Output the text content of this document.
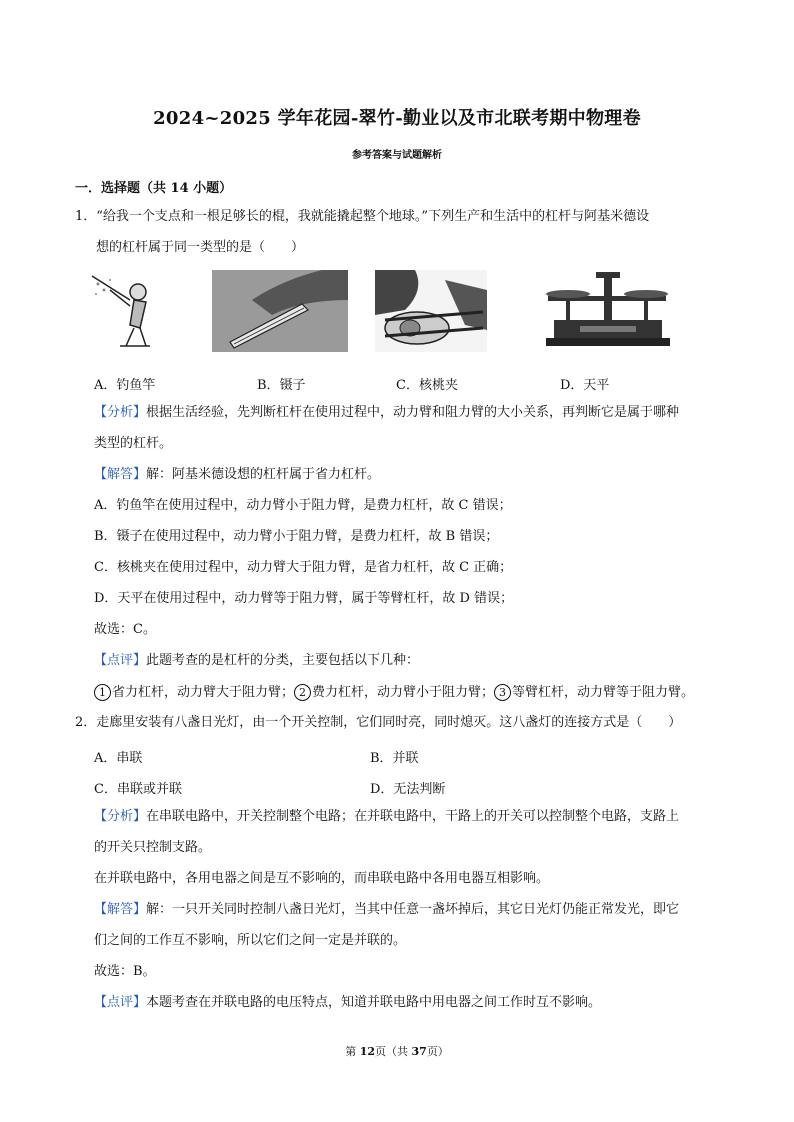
2024~2025 学年花园-翠竹-勤业以及市北联考期中物理卷
参考答案与试题解析
一．选择题（共 14 小题）
1．“给我一个支点和一根足够长的棍，我就能撬起整个地球。”下列生产和生活中的杠杆与阿基米德设
想的杠杆属于同一类型的是（　　）
A．钓鱼竿	B．镊子	C．核桃夹	D．天平
【分析】根据生活经验，先判断杠杆在使用过程中，动力臂和阻力臂的大小关系，再判断它是属于哪种
类型的杠杆。
【解答】解：阿基米德设想的杠杆属于省力杠杆。
A．钓鱼竿在使用过程中，动力臂小于阻力臂，是费力杠杆，故 C 错误；
B．镊子在使用过程中，动力臂小于阻力臂，是费力杠杆，故 B 错误；
C．核桃夹在使用过程中，动力臂大于阻力臂，是省力杠杆，故 C 正确；
D．天平在使用过程中，动力臂等于阻力臂，属于等臂杠杆，故 D 错误；
故选：C。
【点评】此题考查的是杠杆的分类，主要包括以下几种：
1 省力杠杆，动力臂大于阻力臂； 2 费力杠杆，动力臂小于阻力臂； 3 等臂杠杆，动力臂等于阻力臂。
2．走廊里安装有八盏日光灯，由一个开关控制，它们同时亮，同时熄灭。这八盏灯的连接方式是（　　）
A．串联	B．并联
C．串联或并联	D．无法判断
【分析】在串联电路中，开关控制整个电路；在并联电路中，干路上的开关可以控制整个电路，支路上
的开关只控制支路。
在并联电路中，各用电器之间是互不影响的，而串联电路中各用电器互相影响。
【解答】解：一只开关同时控制八盏日光灯，当其中任意一盏坏掉后，其它日光灯仍能正常发光，即它
们之间的工作互不影响，所以它们之间一定是并联的。
故选：B。
【点评】本题考查在并联电路的电压特点，知道并联电路中用电器之间工作时互不影响。
第 12页（共 37页）
